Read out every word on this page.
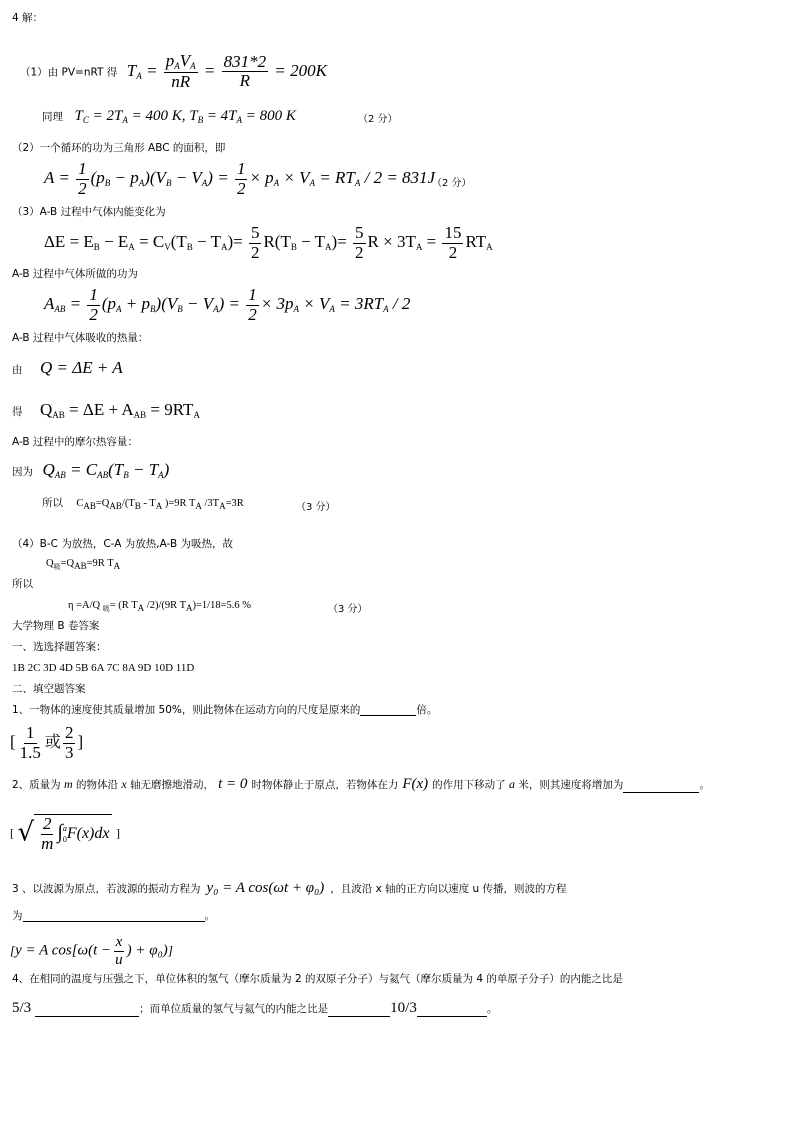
4 解：
（1）由 PV=nRT 得 $T_A = \frac{p_AV_A}{nR} = \frac{831*2}{R} = 200K$
同理 $T_C = 2T_A = 400$ K, $T_B = 4T_A = 800$ K	（2 分）
（2）一个循环的功为三角形 ABC 的面积，即
$A = \frac{1}{2} (p_B - p_A)(V_B - V_A) = \frac{1}{2} \times p_A \times V_A = RT_A / 2 = 831J$
（2 分）
（3）A-B 过程中气体内能变化为
$\Delta E = E_B - E_A = C_V(T_B - T_A)= \frac{5}{2} R(T_B - T_A)= \frac{5}{2}$ $R \times 3T_A = \frac{15}{2} RT_A$
A-B 过程中气体所做的功为
$A_{AB} = \frac{1}{2} (p_A + p_B)(V_B - V_A) = \frac{1}{2} \times 3p_A \times V_A = 3RT_A / 2$
A-B 过程中气体吸收的热量：
由 Q = ΔE + A
得 $Q_{AB} = \Delta E + A_{AB} = 9RT_A$
A-B 过程中的摩尔热容量：
因为 $Q_{AB} = C_{AB}(T_B - T_A)$
所以 $C_{AB}=Q_{AB}/(T_B - T_A$ )=9R $T_A$ $/3T_A=3R$	（3 分）
（4）B-C 为放热，C-A 为放热,A-B 为吸热，故
$Q_吸=Q_{AB}=9R$ $T_A$
所以
η =A/Q $_吸$= (R $T_A$ /2)/(9R $T_A)=1/18=5.6$ %	（3 分）
大学物理 B 卷答案
一、选选择题答案：
1B 2C 3D 4D 5B 6A 7C 8A 9D 10D 11D
二、填空题答案
1、一物体的速度使其质量增加 50%，则此物体在运动方向的尺度是原来的	倍。
[ $\frac{1}{1.5}$ 或 $\frac{2}{3}$ ]
2、质量为 m 的物体沿 x 轴无磨擦地滑动， t = 0 时物体静止于原点，若物体在力 F(x) 的作用下移动了 a 米，则其速度将增加为	。
[ √ $\frac{2}{m}$ ∫ a
0 F(x)dx ]
3 、以波源为原点，若波源的振动方程为 y₀ = A cos(ωt + φ₀) ，且波沿 x 轴的正方向以速度 u 传播，则波的方程
为	。
[y = A $\cos[\omega(t - \frac{x}{u}$ ) + φ₀)]
4、在相同的温度与压强之下，单位体积的氢气（摩尔质量为 2 的双原子分子）与氦气（摩尔质量为 4 的单原子分子）的内能之比是
5/3	；而单位质量的氢气与氦气的内能之比是	10/3	。
